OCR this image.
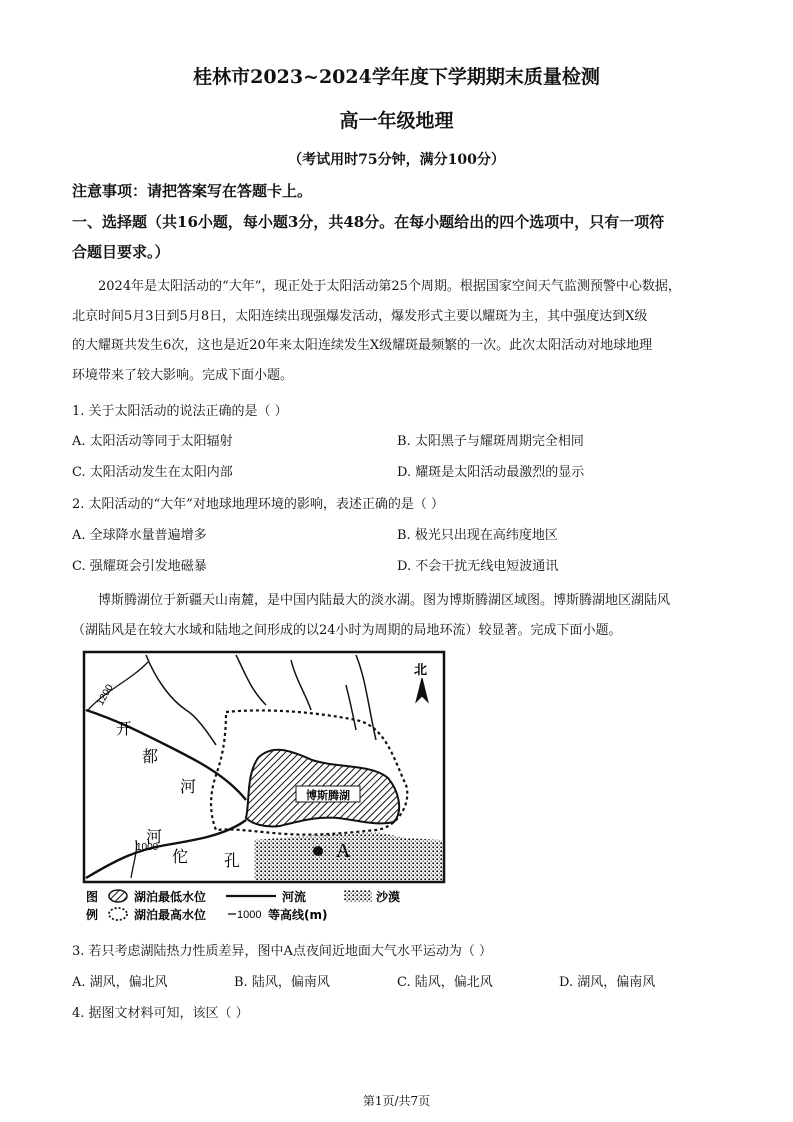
桂林市2023~2024学年度下学期期末质量检测
高一年级地理
（考试用时75分钟，满分100分）
注意事项：请把答案写在答题卡上。
一、选择题（共16小题，每小题3分，共48分。在每小题给出的四个选项中，只有一项符
合题目要求。）

2024年是太阳活动的“大年”，现正处于太阳活动第25个周期。根据国家空间天气监测预警中心数据，

北京时间5月3日到5月8日，太阳连续出现强爆发活动，爆发形式主要以耀斑为主，其中强度达到X级

的大耀斑共发生6次，这也是近20年来太阳连续发生X级耀斑最频繁的一次。此次太阳活动对地球地理

环境带来了较大影响。完成下面小题。

1. 关于太阳活动的说法正确的是（ ）
A. 太阳活动等同于太阳辐射	B. 太阳黑子与耀斑周期完全相同
C. 太阳活动发生在太阳内部	D. 耀斑是太阳活动最激烈的显示
2. 太阳活动的“大年”对地球地理环境的影响，表述正确的是（ ）
A. 全球降水量普遍增多	B. 极光只出现在高纬度地区
C. 强耀斑会引发地磁暴	D. 不会干扰无线电短波通讯

博斯腾湖位于新疆天山南麓，是中国内陆最大的淡水湖。图为博斯腾湖区域图。博斯腾湖地区湖陆风

（湖陆风是在较大水域和陆地之间形成的以24小时为周期的局地环流）较显著。完成下面小题。

博斯腾湖
A
1200
1000
开
都
河
河
佗 孔
北
图
例
湖泊最低水位
湖泊最高水位
河流
1000 等高线(m)
沙漠
3. 若只考虑湖陆热力性质差异，图中A点夜间近地面大气水平运动为（ ）
A. 湖风，偏北风	B. 陆风，偏南风	C. 陆风，偏北风	D. 湖风，偏南风
4. 据图文材料可知，该区（ ）
第1页/共7页
